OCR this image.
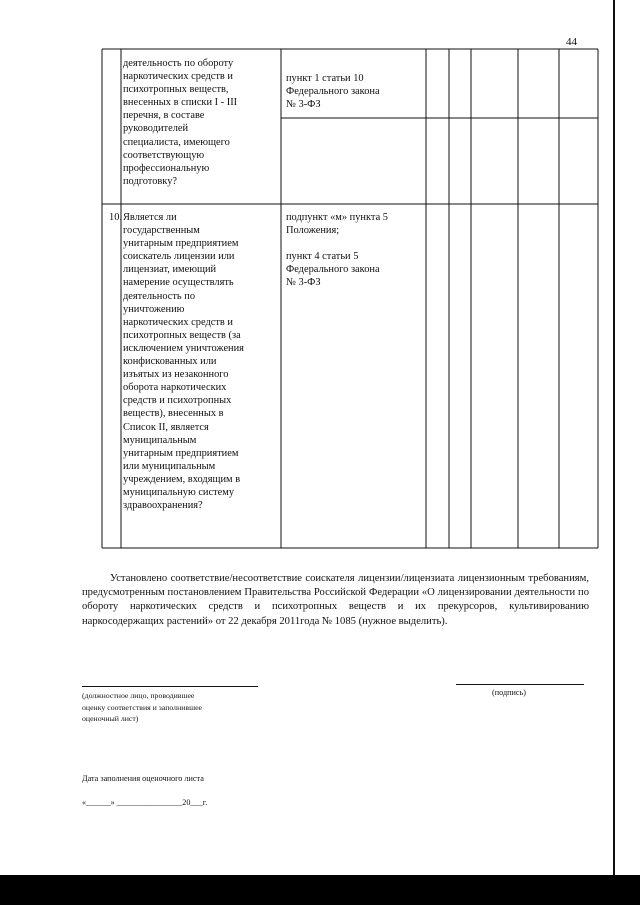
44
деятельность по обороту
наркотических средств и
психотропных веществ,
внесенных в списки I - III
перечня, в составе
руководителей
специалиста, имеющего
соответствующую
профессиональную
подготовку?
пункт 1 статьи 10
Федерального закона
№ 3-ФЗ
10. Является ли
государственным
унитарным предприятием
соискатель лицензии или
лицензиат, имеющий
намерение осуществлять
деятельность по
уничтожению
наркотических средств и
психотропных веществ (за
исключением уничтожения
конфискованных или
изъятых из незаконного
оборота наркотических
средств и психотропных
веществ), внесенных в
Список II, является
муниципальным
унитарным предприятием
или муниципальным
учреждением, входящим в
муниципальную систему
здравоохранения?
подпункт «м» пункта 5
Положения;

пункт 4 статьи 5
Федерального закона
№ 3-ФЗ
Установлено соответствие/несоответствие соискателя лицензии/лицензиата лицензионным требованиям, предусмотренным постановлением Правительства Российской Федерации «О лицензировании деятельности по обороту наркотических средств и психотропных веществ и их прекурсоров, культивированию наркосодержащих растений» от 22 декабря 2011года № 1085 (нужное выделить).
(должностное лицо, проводившее
оценку соответствия и заполнившее
оценочный лист)
(подпись)
Дата заполнения оценочного листа
«______» ________________20___г.
